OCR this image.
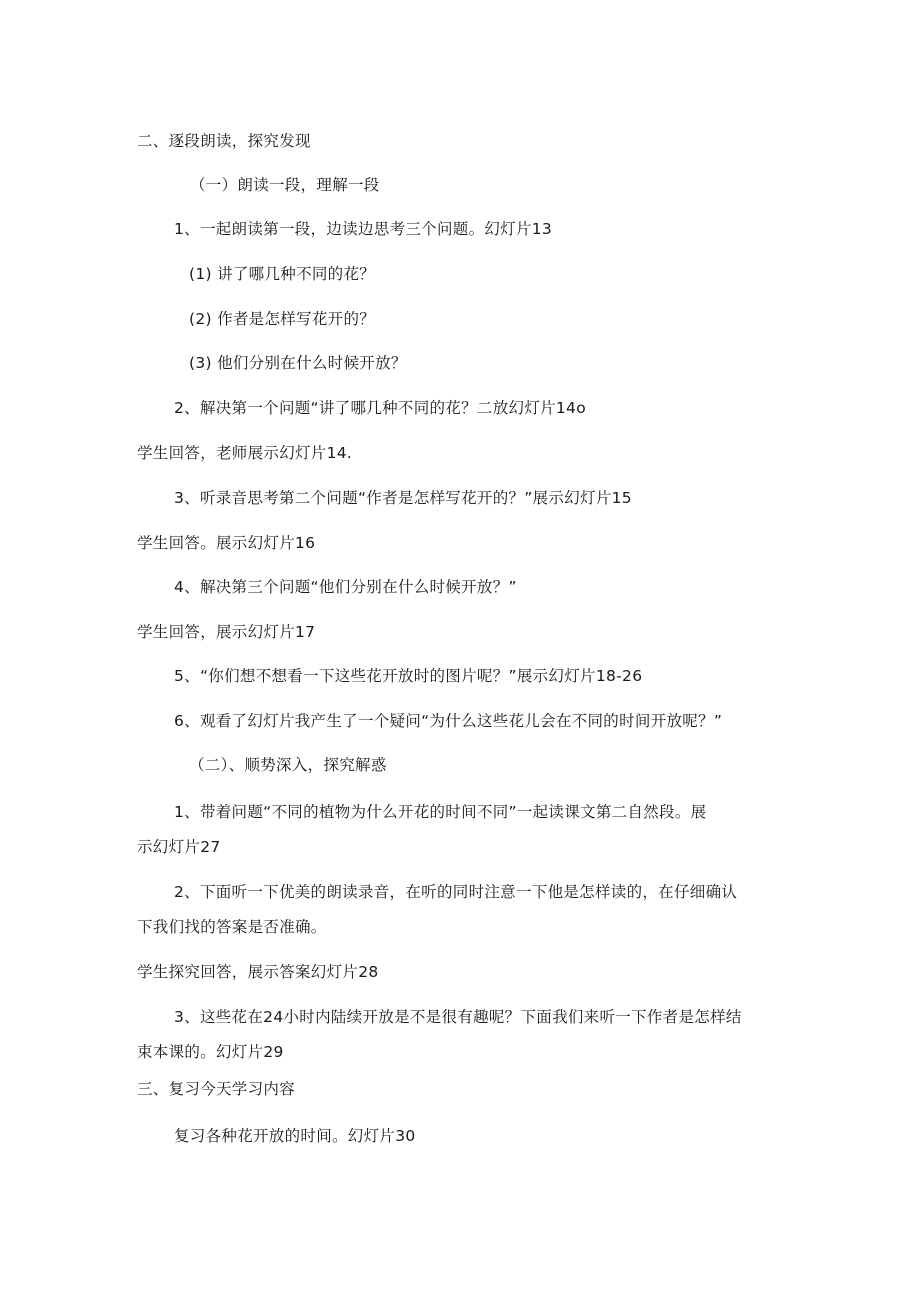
二、逐段朗读，探究发现
（一）朗读一段，理解一段
1、一起朗读第一段，边读边思考三个问题。幻灯片13
(1) 讲了哪几种不同的花？
(2) 作者是怎样写花开的？
(3) 他们分别在什么时候开放？
2、解决第一个问题“讲了哪几种不同的花？二放幻灯片14o
学生回答，老师展示幻灯片14.
3、听录音思考第二个问题“作者是怎样写花开的？”展示幻灯片15
学生回答。展示幻灯片16
4、解决第三个问题“他们分别在什么时候开放？”
学生回答，展示幻灯片17
5、“你们想不想看一下这些花开放时的图片呢？”展示幻灯片18-26
6、观看了幻灯片我产生了一个疑问“为什么这些花儿会在不同的时间开放呢？”
（二）、顺势深入，探究解惑
1、带着问题“不同的植物为什么开花的时间不同”一起读课文第二自然段。展
示幻灯片27
2、下面听一下优美的朗读录音，在听的同时注意一下他是怎样读的，在仔细确认
下我们找的答案是否准确。
学生探究回答，展示答案幻灯片28
3、这些花在24小时内陆续开放是不是很有趣呢？下面我们来听一下作者是怎样结
束本课的。幻灯片29
三、复习今天学习内容
复习各种花开放的时间。幻灯片30
